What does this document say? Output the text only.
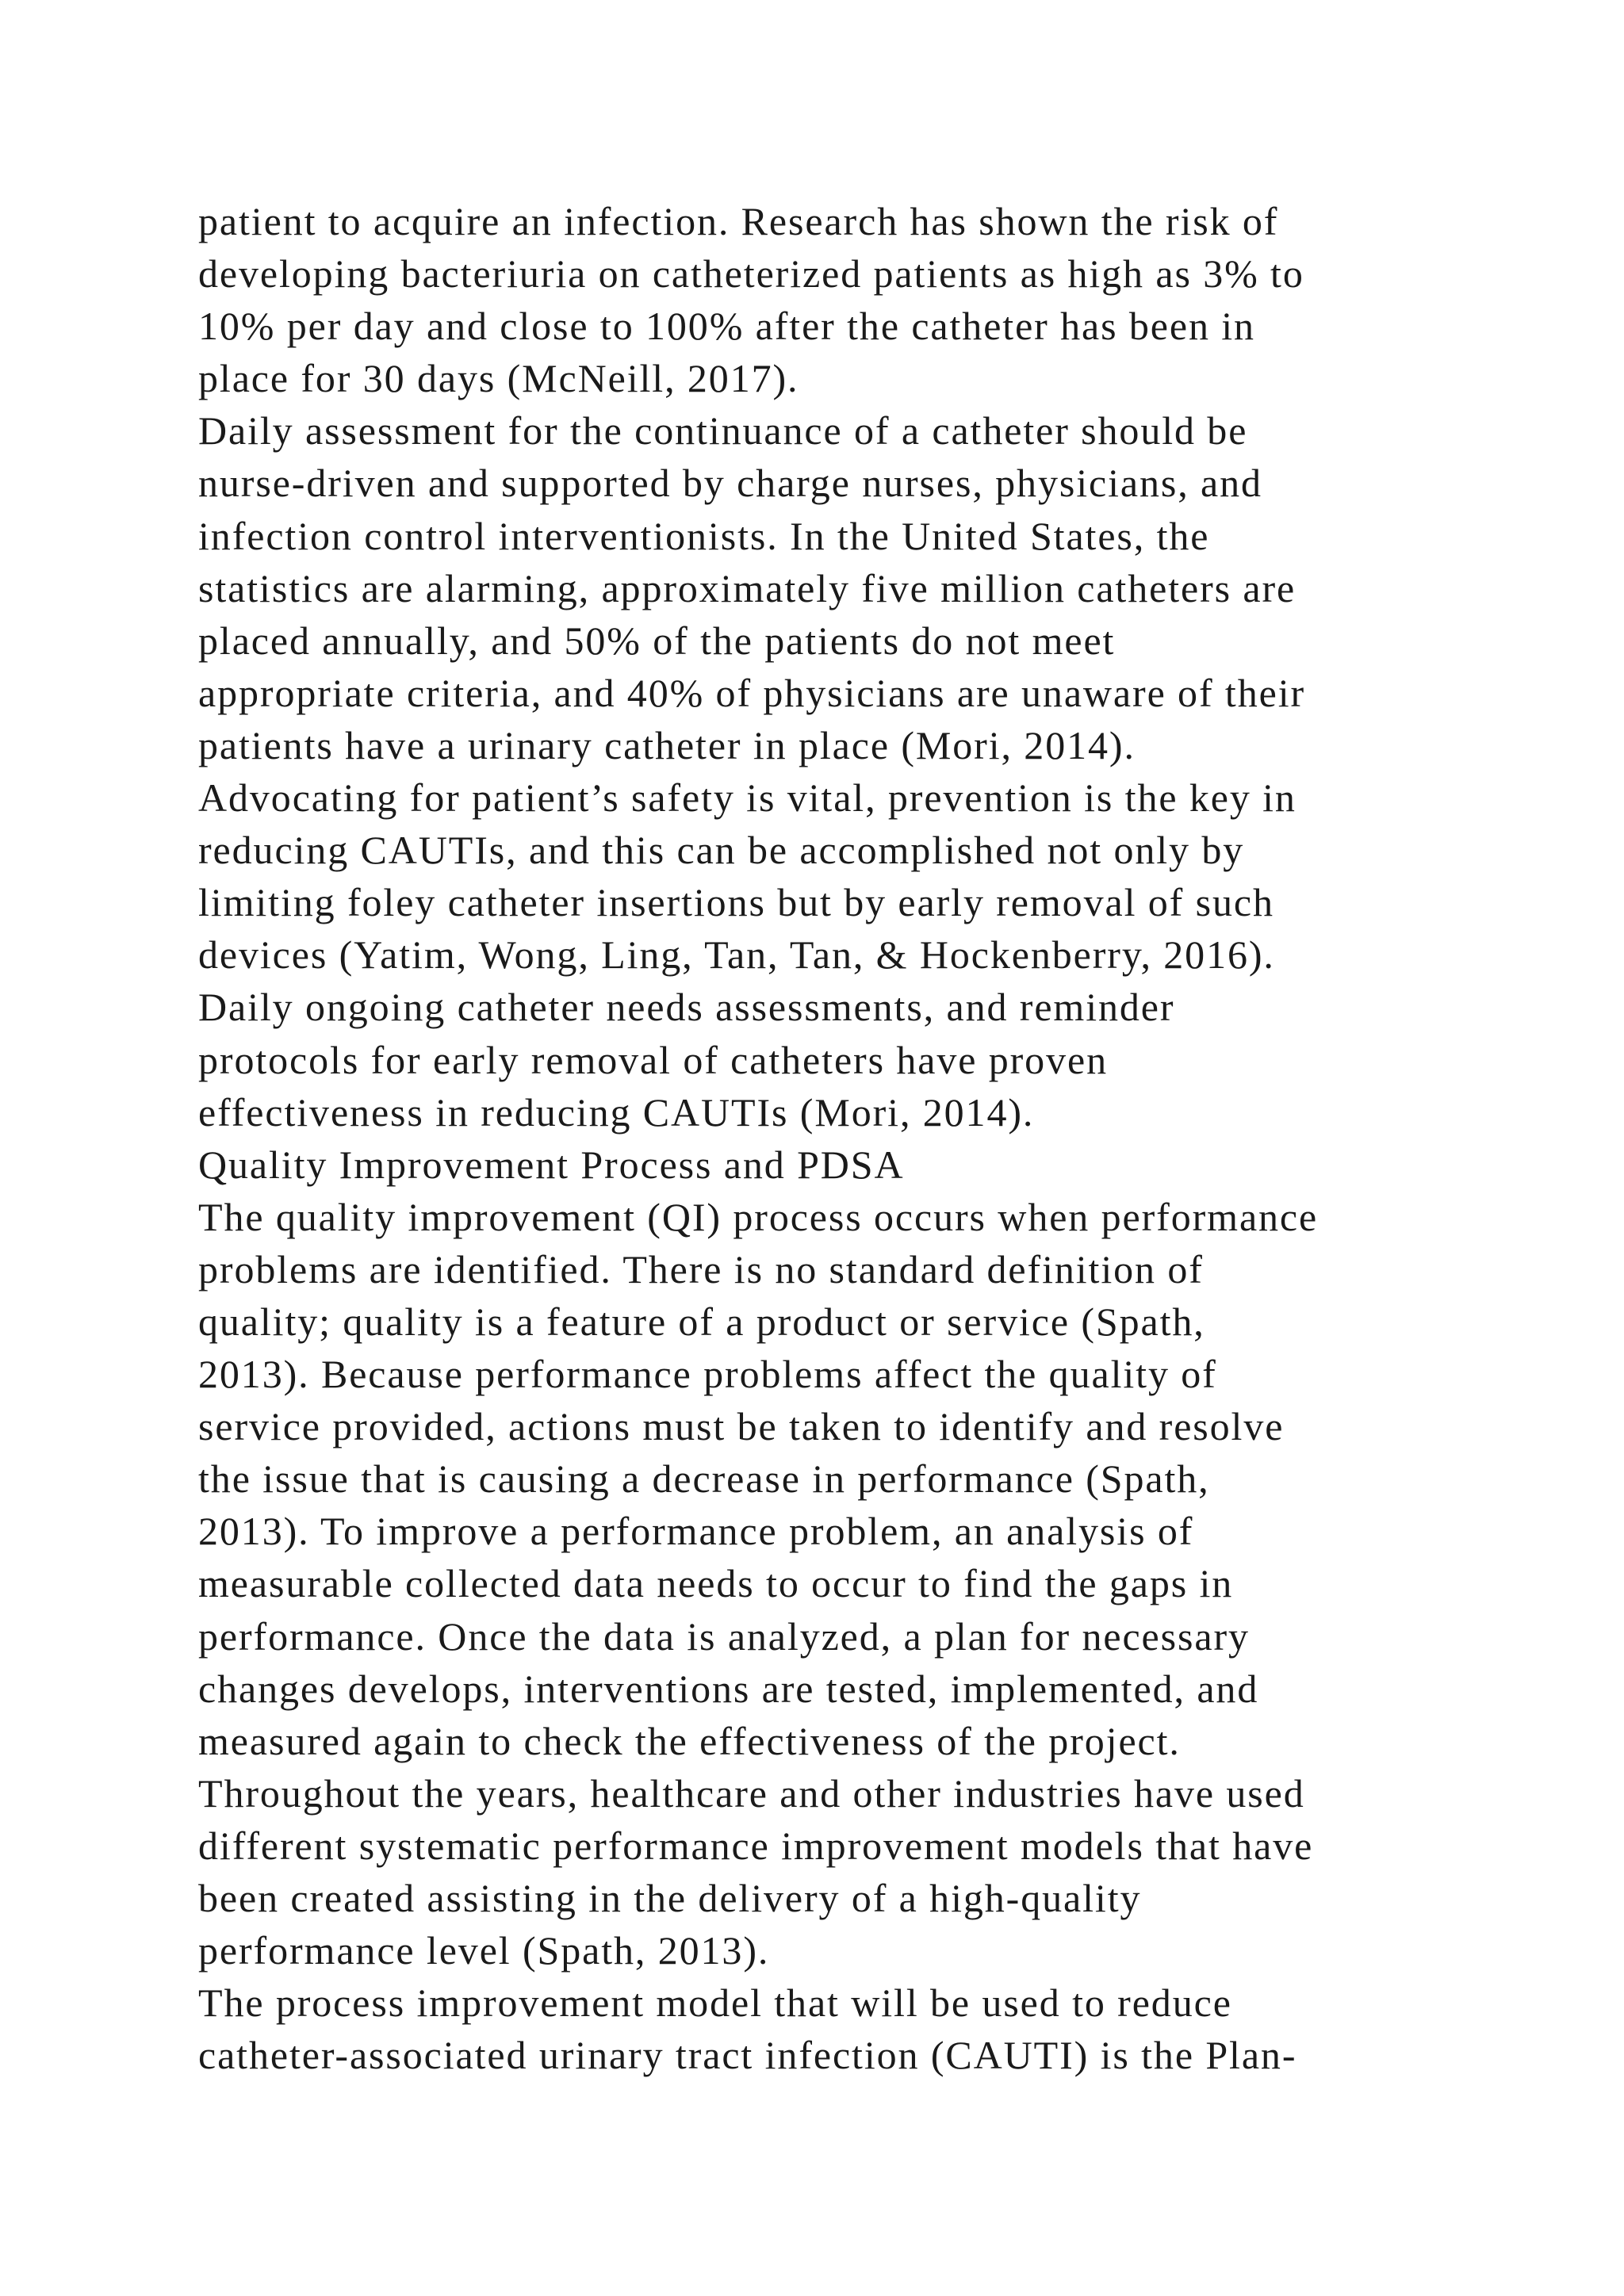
patient to acquire an infection. Research has shown the risk of
developing bacteriuria on catheterized patients as high as 3% to
10% per day and close to 100% after the catheter has been in
place for 30 days (McNeill, 2017).
Daily assessment for the continuance of a catheter should be
nurse-driven and supported by charge nurses, physicians, and
infection control interventionists. In the United States, the
statistics are alarming, approximately five million catheters are
placed annually, and 50% of the patients do not meet
appropriate criteria, and 40% of physicians are unaware of their
patients have a urinary catheter in place (Mori, 2014).
Advocating for patient’s safety is vital, prevention is the key in
reducing CAUTIs, and this can be accomplished not only by
limiting foley catheter insertions but by early removal of such
devices (Yatim, Wong, Ling, Tan, Tan, & Hockenberry, 2016).
Daily ongoing catheter needs assessments, and reminder
protocols for early removal of catheters have proven
effectiveness in reducing CAUTIs (Mori, 2014).
Quality Improvement Process and PDSA
The quality improvement (QI) process occurs when performance
problems are identified. There is no standard definition of
quality; quality is a feature of a product or service (Spath,
2013). Because performance problems affect the quality of
service provided, actions must be taken to identify and resolve
the issue that is causing a decrease in performance (Spath,
2013). To improve a performance problem, an analysis of
measurable collected data needs to occur to find the gaps in
performance. Once the data is analyzed, a plan for necessary
changes develops, interventions are tested, implemented, and
measured again to check the effectiveness of the project.
Throughout the years, healthcare and other industries have used
different systematic performance improvement models that have
been created assisting in the delivery of a high-quality
performance level (Spath, 2013).
The process improvement model that will be used to reduce
catheter-associated urinary tract infection (CAUTI) is the Plan-
